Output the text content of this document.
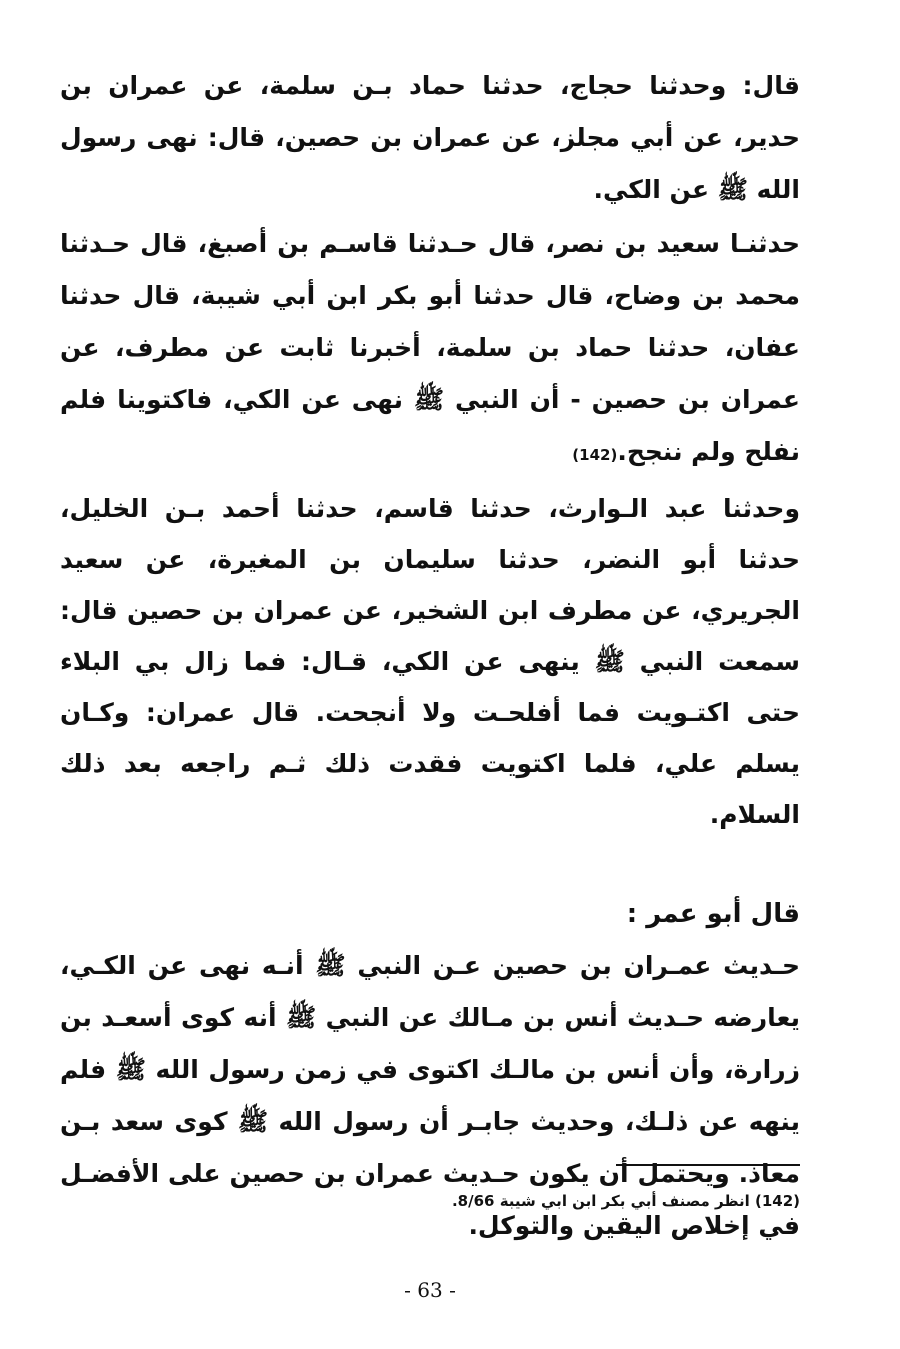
قال: وحدثنا حجاج، حدثنا حماد بـن سلمة، عن عمران بن حدير، عن أبي مجلز، عن عمران بن حصين، قال: نهى رسول الله ﷺ عن الكي.

حدثنـا سعيد بن نصر، قال حـدثنا قاسـم بن أصبغ، قال حـدثنا محمد بن وضاح، قال حدثنا أبو بكر ابن أبي شيبة، قال حدثنا عفان، حدثنا حماد بن سلمة، أخبرنا ثابت عن مطرف، عن عمران بن حصين - أن النبي ﷺ نهى عن الكي، فاكتوينا فلم نفلح ولم ننجح.(142)

وحدثنا عبد الـوارث، حدثنا قاسم، حدثنا أحمد بـن الخليل، حدثنا أبو النضر، حدثنا سليمان بن المغيرة، عن سعيد الجريري، عن مطرف ابن الشخير، عن عمران بن حصين قال: سمعت النبي ﷺ ينهى عن الكي، قـال: فما زال بي البلاء حتى اكتـويت فما أفلحـت ولا أنجحت. قال عمران: وكـان يسلم علي، فلما اكتويت فقدت ذلك ثـم راجعه بعد ذلك السلام.

قال أبو عمر :

حـديث عمـران بن حصين عـن النبي ﷺ أنـه نهى عن الكـي، يعارضه حـديث أنس بن مـالك عن النبي ﷺ أنه كوى أسعـد بن زرارة، وأن أنس بن مالـك اكتوى في زمن رسول الله ﷺ فلم ينهه عن ذلـك، وحديث جابـر أن رسول الله ﷺ كوى سعد بـن معاذ. ويحتمل أن يكون حـديث عمران بن حصين على الأفضـل في إخلاص اليقين والتوكل.

(142) انظر مصنف أبي بكر ابن ابي شيبة 8/66.
- 63 -
